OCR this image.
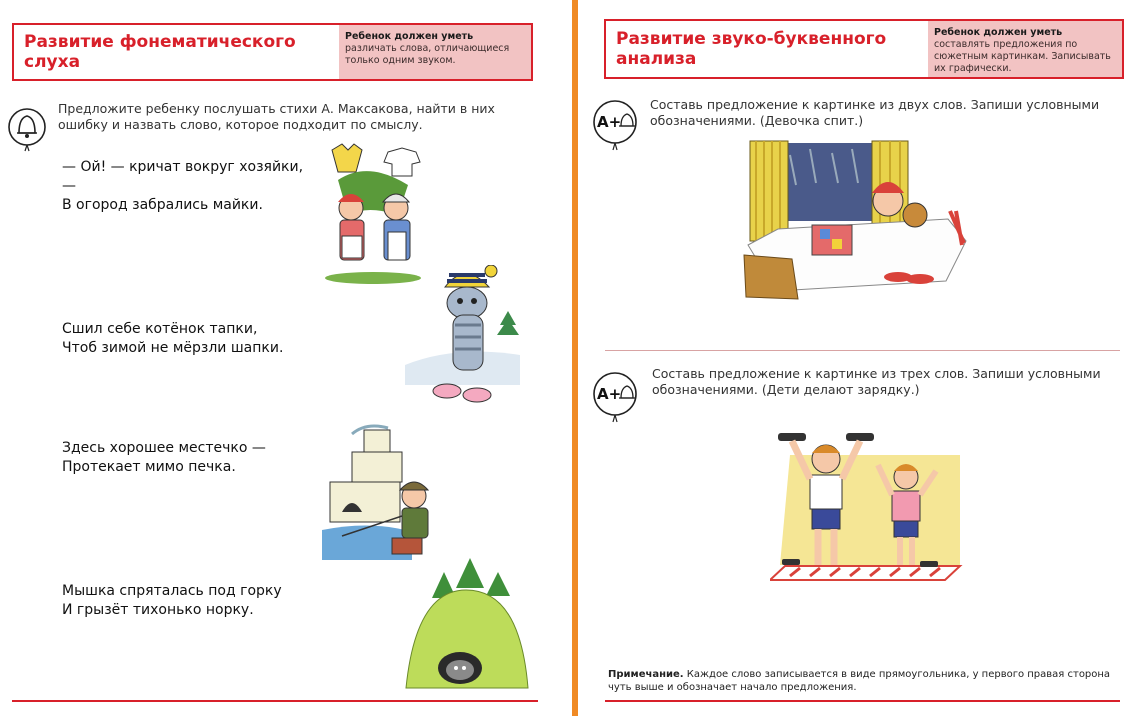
Развитие фонематического слуха
Ребенок должен уметь различать слова, отличающиеся только одним звуком.
Предложите ребенку послушать стихи А. Максакова, найти в них ошибку и назвать слово, которое подходит по смыслу.
— Ой! — кричат вокруг хозяйки, —
В огород забрались майки.
Сшил себе котёнок тапки,
Чтоб зимой не мёрзли шапки.
Здесь хорошее местечко —
Протекает мимо печка.
Мышка спряталась под горку
И грызёт тихонько норку.
Развитие звуко-буквенного анализа
Ребенок должен уметь составлять предложения по сюжетным картинкам. Записывать их графически.
А+
Составь предложение к картинке из двух слов. Запиши условными обозначениями. (Девочка спит.)
А+
Составь предложение к картинке из трех слов. Запиши условными обозначениями. (Дети делают зарядку.)
Примечание. Каждое слово записывается в виде прямоугольника, у первого правая сторона чуть выше и обозначает начало предложения.
